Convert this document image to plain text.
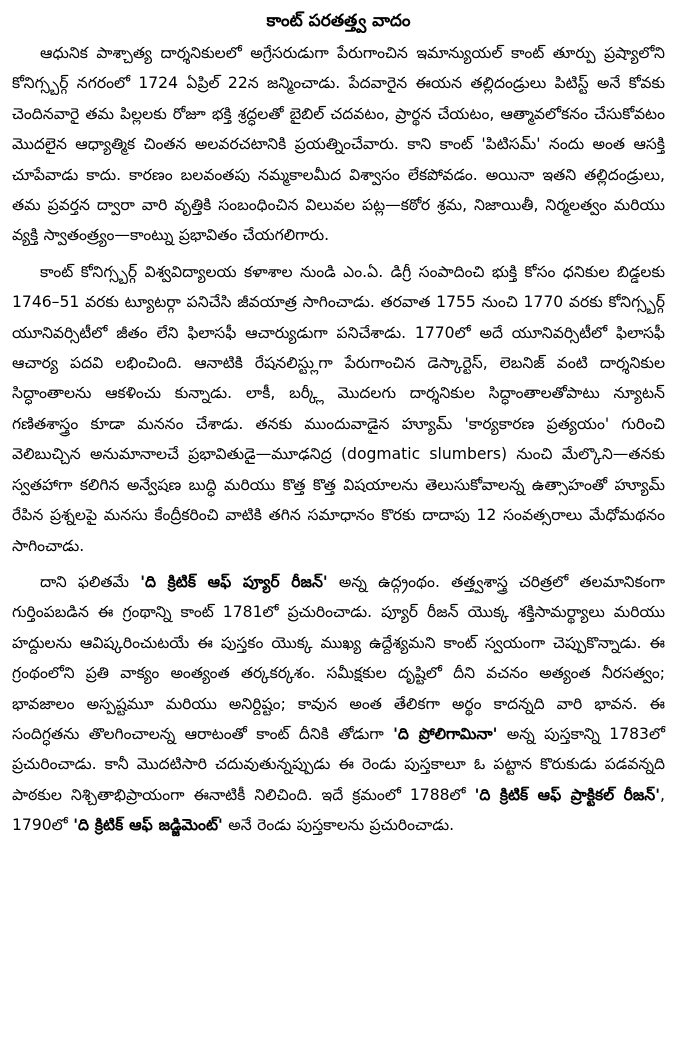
కాంట్ పరతత్త్వ వాదం
ఆధునిక పాశ్చాత్య దార్శనికులలో అగ్రేసరుడుగా పేరుగాంచిన ఇమాన్యుయల్ కాంట్ తూర్పు ప్రష్యాలోని కోనిగ్స్బర్గ్ నగరంలో 1724 ఏప్రిల్ 22న జన్మించాడు. పేదవారైన ఈయన తల్లిదండ్రులు పిటిస్ట్ అనే కోవకు చెందినవారై తమ పిల్లలకు రోజూ భక్తి శ్రద్ధలతో బైబిల్ చదవటం, ప్రార్థన చేయటం, ఆత్మావలోకనం చేసుకోవటం మొదలైన ఆధ్యాత్మిక చింతన అలవరచటానికి ప్రయత్నించేవారు. కాని కాంట్ 'పిటిసమ్' నందు అంత ఆసక్తి చూపేవాడు కాదు. కారణం బలవంతపు నమ్మకాలమీద విశ్వాసం లేకపోవడం. అయినా ఇతని తల్లిదండ్రులు, తమ ప్రవర్తన ద్వారా వారి వృత్తికి సంబంధించిన విలువల పట్ల—కఠోర శ్రమ, నిజాయితీ, నిర్మలత్వం మరియు వ్యక్తి స్వాతంత్ర్యం—కాంట్ను ప్రభావితం చేయగలిగారు.
కాంట్ కోనిగ్స్బర్గ్ విశ్వవిద్యాలయ కళాశాల నుండి ఎం.ఏ. డిగ్రీ సంపాదించి భుక్తి కోసం ధనికుల బిడ్డలకు 1746–51 వరకు ట్యూటర్గా పనిచేసి జీవయాత్ర సాగించాడు. తరవాత 1755 నుంచి 1770 వరకు కోనిగ్స్బర్గ్ యూనివర్సిటీలో జీతం లేని ఫిలాసఫీ ఆచార్యుడుగా పనిచేశాడు. 1770లో అదే యూనివర్సిటీలో ఫిలాసఫీ ఆచార్య పదవి లభించింది. ఆనాటికి రేషనలిస్ట్లుగా పేరుగాంచిన డెస్కార్టెస్, లెబనిజ్ వంటి దార్శనికుల సిద్ధాంతాలను ఆకళించు కున్నాడు. లాకీ, బర్క్లీ మొదలగు దార్శనికుల సిద్ధాంతాలతోపాటు న్యూటన్ గణితశాస్త్రం కూడా మననం చేశాడు. తనకు ముందువాడైన హ్యూమ్ 'కార్యకారణ ప్రత్యయం' గురించి వెలిబుచ్చిన అనుమానాలచే ప్రభావితుడై—మూఢనిద్ర (dogmatic slumbers) నుంచి మేల్కొని—తనకు స్వతహాగా కలిగిన అన్వేషణ బుద్ధి మరియు కొత్త కొత్త విషయాలను తెలుసుకోవాలన్న ఉత్సాహంతో హ్యూమ్ రేపిన ప్రశ్నలపై మనసు కేంద్రీకరించి వాటికి తగిన సమాధానం కొరకు దాదాపు 12 సంవత్సరాలు మేధోమథనం సాగించాడు.
దాని ఫలితమే 'ది క్రిటిక్ ఆఫ్ ప్యూర్ రీజన్' అన్న ఉద్గ్రంథం. తత్త్వశాస్త్ర చరిత్రలో తలమానికంగా గుర్తింపబడిన ఈ గ్రంథాన్ని కాంట్ 1781లో ప్రచురించాడు. ప్యూర్ రీజన్ యొక్క శక్తిసామర్థ్యాలు మరియు హద్దులను ఆవిష్కరించుటయే ఈ పుస్తకం యొక్క ముఖ్య ఉద్దేశ్యమని కాంట్ స్వయంగా చెప్పుకొన్నాడు. ఈ గ్రంథంలోని ప్రతి వాక్యం అంత్యంత తర్కకర్కశం. సమీక్షకుల దృష్టిలో దీని వచనం అత్యంత నీరసత్వం; భావజాలం అస్పష్టమూ మరియు అనిర్దిష్టం; కావున అంత తేలికగా అర్థం కాదన్నది వారి భావన. ఈ సందిగ్ధతను తొలగించాలన్న ఆరాటంతో కాంట్ దీనికి తోడుగా 'ది ప్రోలిగామినా' అన్న పుస్తకాన్ని 1783లో ప్రచురించాడు. కానీ మొదటిసారి చదువుతున్నప్పుడు ఈ రెండు పుస్తకాలూ ఓ పట్టాన కొరుకుడు పడవన్నది పాఠకుల నిశ్చితాభిప్రాయంగా ఈనాటికీ నిలిచింది. ఇదే క్రమంలో 1788లో 'ది క్రిటిక్ ఆఫ్ ప్రాక్టికల్ రీజన్', 1790లో 'ది క్రిటిక్ ఆఫ్ జడ్జిమెంట్' అనే రెండు పుస్తకాలను ప్రచురించాడు.
